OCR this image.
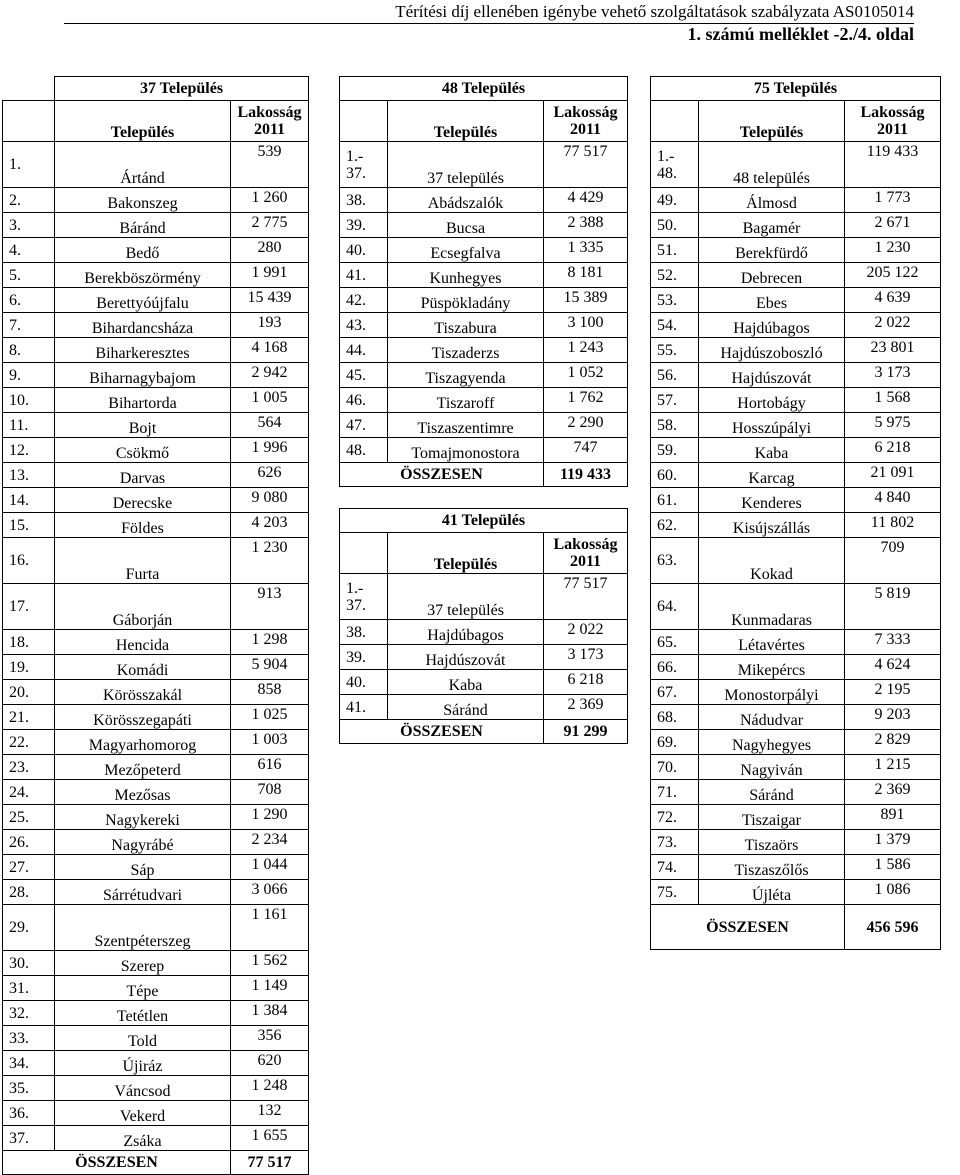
Térítési díj ellenében igénybe vehető szolgáltatások szabályzata AS0105014
1. számú melléklet -2./4. oldal
	37 Település	
	Település	Lakosság
2011

1.	Ártánd	539
2.	Bakonszeg	1 260
3.	Báránd	2 775
4.	Bedő	280
5.	Berekböszörmény	1 991
6.	Berettyóújfalu	15 439
7.	Bihardancsháza	193
8.	Biharkeresztes	4 168
9.	Biharnagybajom	2 942
10.	Bihartorda	1 005
11.	Bojt	564
12.	Csökmő	1 996
13.	Darvas	626
14.	Derecske	9 080
15.	Földes	4 203
16.	Furta	1 230
17.	Gáborján	913
18.	Hencida	1 298
19.	Komádi	5 904
20.	Körösszakál	858
21.	Körösszegapáti	1 025
22.	Magyarhomorog	1 003
23.	Mezőpeterd	616
24.	Mezősas	708
25.	Nagykereki	1 290
26.	Nagyrábé	2 234
27.	Sáp	1 044
28.	Sárrétudvari	3 066
29.	Szentpéterszeg	1 161
30.	Szerep	1 562
31.	Tépe	1 149
32.	Tetétlen	1 384
33.	Told	356
34.	Újiráz	620
35.	Váncsod	1 248
36.	Vekerd	132
37.	Zsáka	1 655
ÖSSZESEN		77 517
48 Település		
	Település	Lakosság
2011

1.-
37.	37 település	77 517
38.	Abádszalók	4 429
39.	Bucsa	2 388
40.	Ecsegfalva	1 335
41.	Kunhegyes	8 181
42.	Püspökladány	15 389
43.	Tiszabura	3 100
44.	Tiszaderzs	1 243
45.	Tiszagyenda	1 052
46.	Tiszaroff	1 762
47.	Tiszaszentimre	2 290
48.	Tomajmonostora	747
ÖSSZESEN		119 433
41 Település		
	Település	Lakosság
2011

1.-
37.	37 település	77 517
38.	Hajdúbagos	2 022
39.	Hajdúszovát	3 173
40.	Kaba	6 218
41.	Sáránd	2 369
ÖSSZESEN		91 299
75 Település		
	Település	Lakosság
2011

1.-
48.	48 település	119 433
49.	Álmosd	1 773
50.	Bagamér	2 671
51.	Berekfürdő	1 230
52.	Debrecen	205 122
53.	Ebes	4 639
54.	Hajdúbagos	2 022
55.	Hajdúszoboszló	23 801
56.	Hajdúszovát	3 173
57.	Hortobágy	1 568
58.	Hosszúpályi	5 975
59.	Kaba	6 218
60.	Karcag	21 091
61.	Kenderes	4 840
62.	Kisújszállás	11 802
63.	Kokad	709
64.	Kunmadaras	5 819
65.	Létavértes	7 333
66.	Mikepércs	4 624
67.	Monostorpályi	2 195
68.	Nádudvar	9 203
69.	Nagyhegyes	2 829
70.	Nagyiván	1 215
71.	Sáránd	2 369
72.	Tiszaigar	891
73.	Tiszaörs	1 379
74.	Tiszaszőlős	1 586
75.	Újléta	1 086
ÖSSZESEN		456 596
